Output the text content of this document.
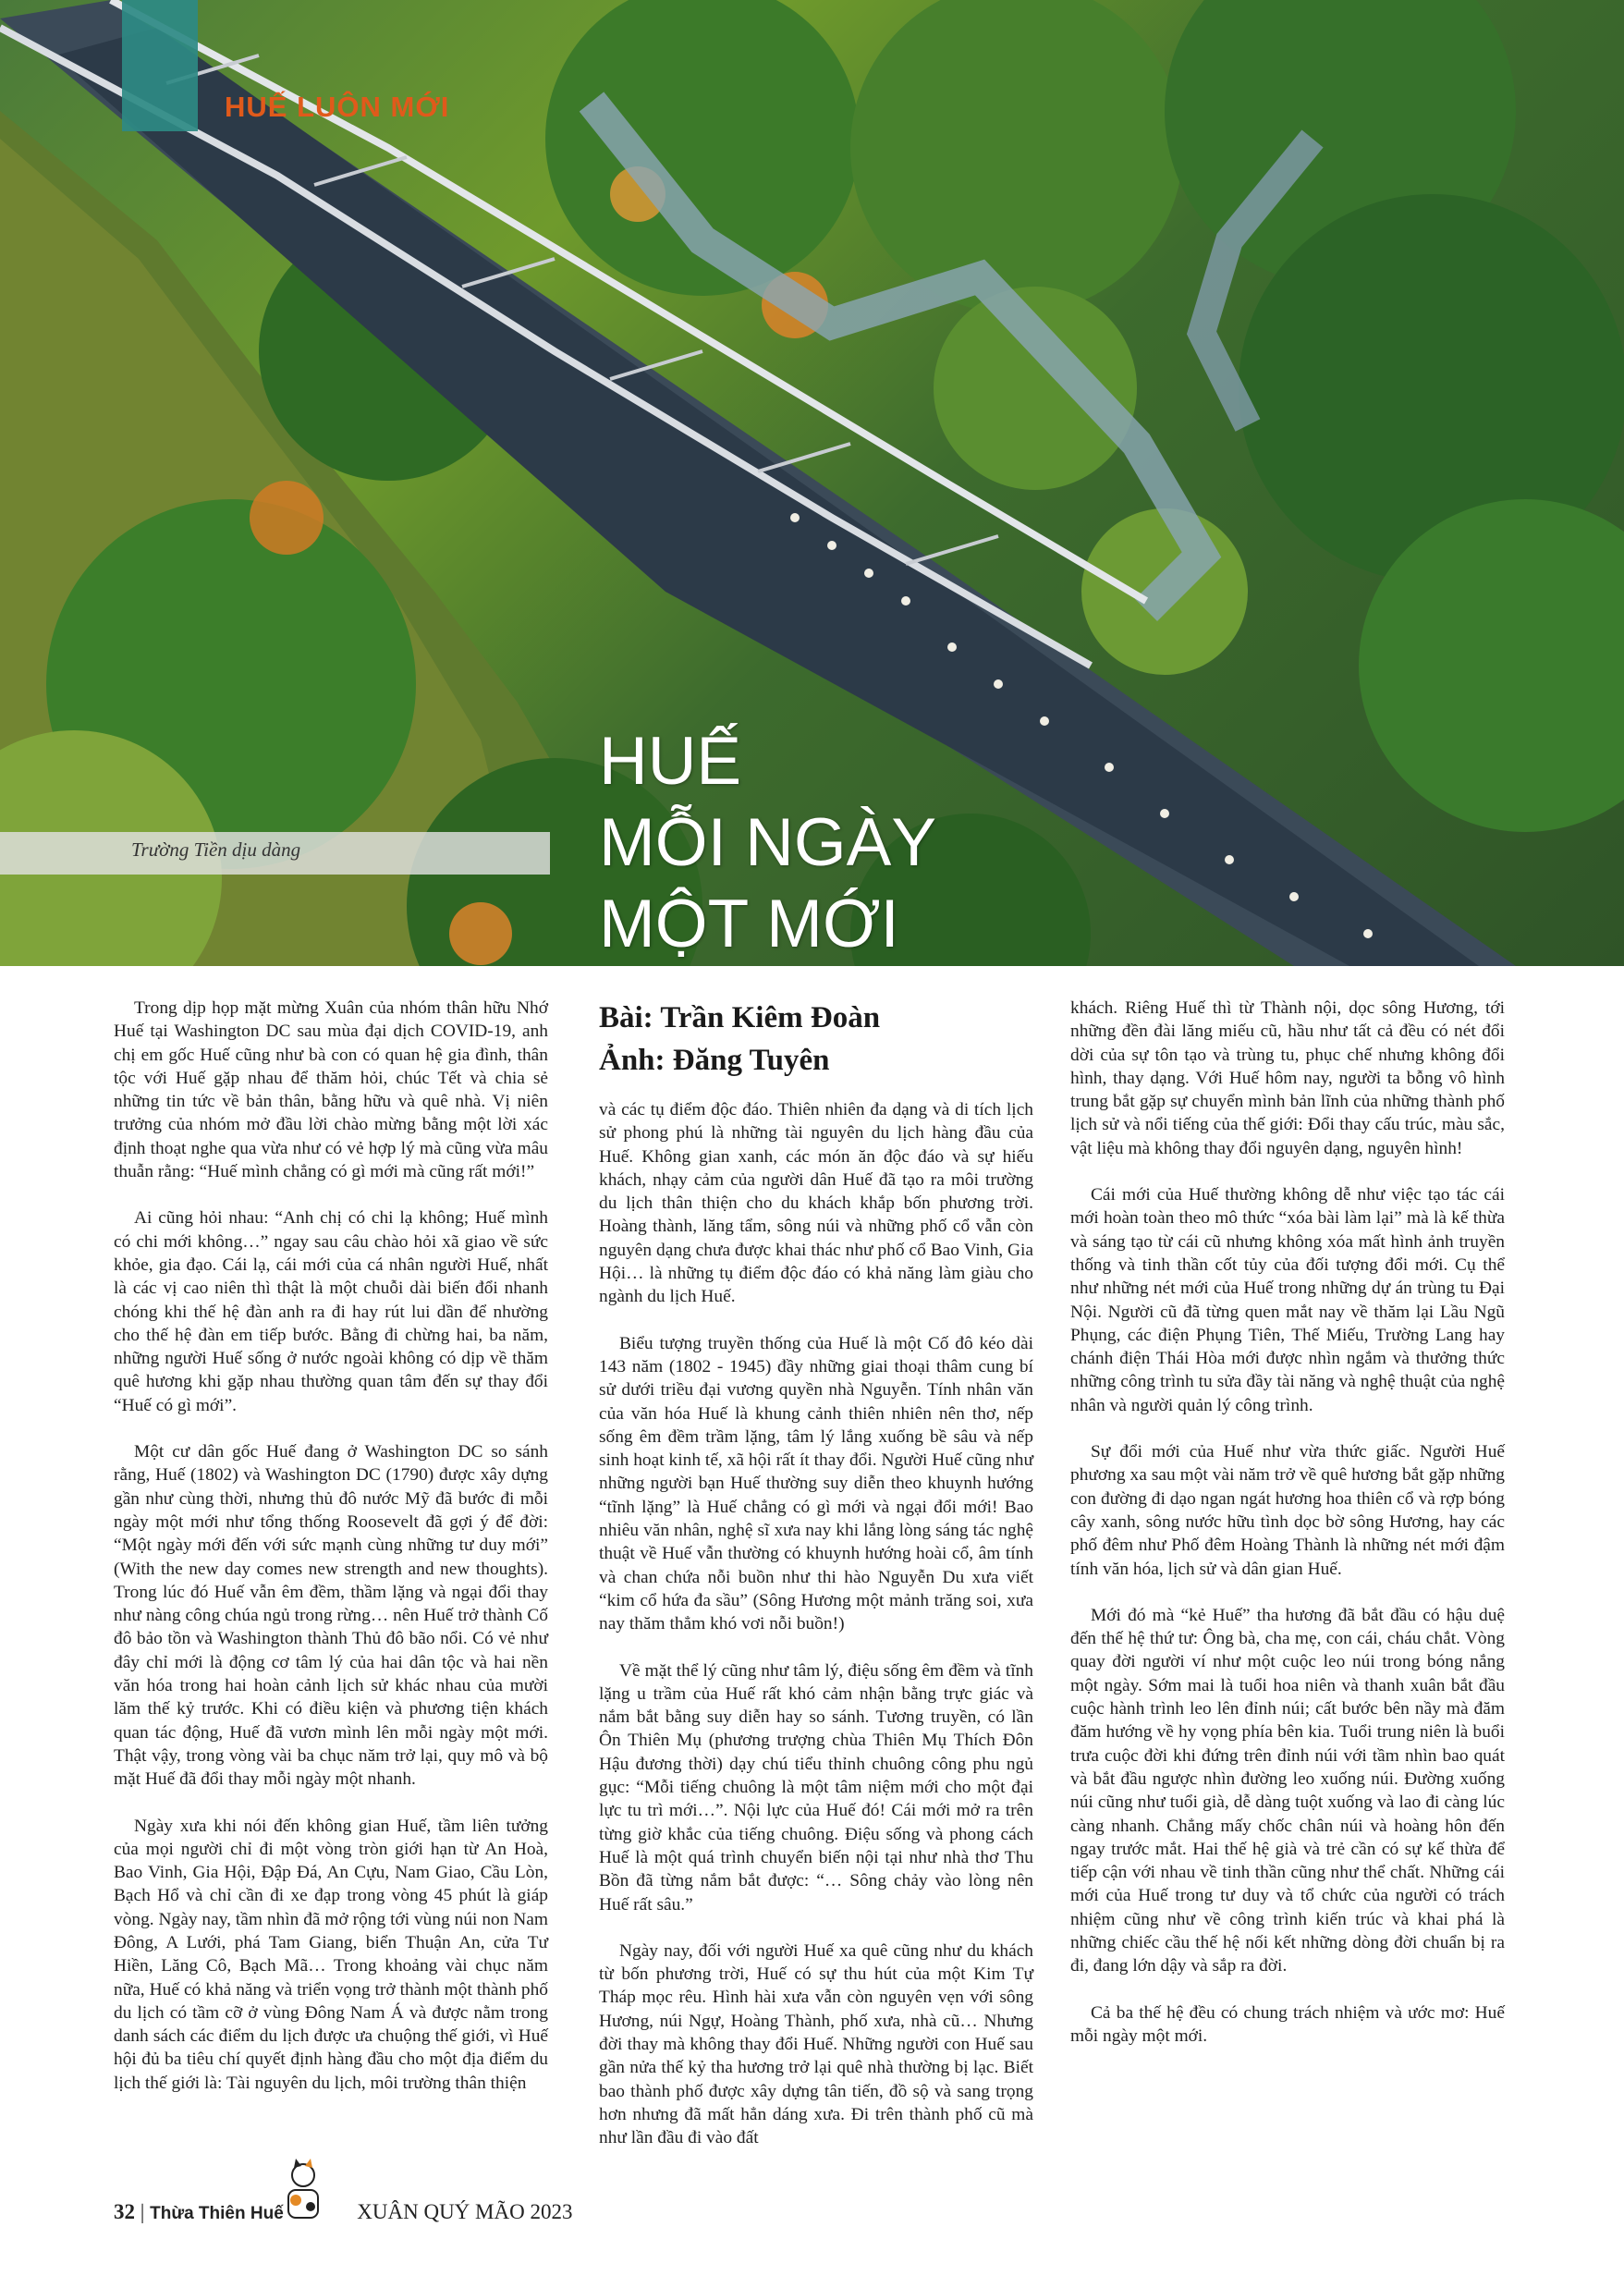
HUẾ LUÔN MỚI
Trường Tiền dịu dàng
HUẾ
MỖI NGÀY
MỘT MỚI

Trong dịp họp mặt mừng Xuân của nhóm thân hữu Nhớ Huế tại Washington DC sau mùa đại dịch COVID-19, anh chị em gốc Huế cũng như bà con có quan hệ gia đình, thân tộc với Huế gặp nhau để thăm hỏi, chúc Tết và chia sẻ những tin tức về bản thân, bằng hữu và quê nhà. Vị niên trưởng của nhóm mở đầu lời chào mừng bằng một lời xác định thoạt nghe qua vừa như có vẻ hợp lý mà cũng vừa mâu thuẫn rằng: “Huế mình chẳng có gì mới mà cũng rất mới!”

Ai cũng hỏi nhau: “Anh chị có chi lạ không; Huế mình có chi mới không…” ngay sau câu chào hỏi xã giao về sức khỏe, gia đạo. Cái lạ, cái mới của cá nhân người Huế, nhất là các vị cao niên thì thật là một chuỗi dài biến đổi nhanh chóng khi thế hệ đàn anh ra đi hay rút lui dần để nhường cho thế hệ đàn em tiếp bước. Bằng đi chừng hai, ba năm, những người Huế sống ở nước ngoài không có dịp về thăm quê hương khi gặp nhau thường quan tâm đến sự thay đổi “Huế có gì mới”.

Một cư dân gốc Huế đang ở Washington DC so sánh rằng, Huế (1802) và Washington DC (1790) được xây dựng gần như cùng thời, nhưng thủ đô nước Mỹ đã bước đi mỗi ngày một mới như tổng thống Roosevelt đã gợi ý để đời: “Một ngày mới đến với sức mạnh cùng những tư duy mới” (With the new day comes new strength and new thoughts). Trong lúc đó Huế vẫn êm đềm, thầm lặng và ngại đổi thay như nàng công chúa ngủ trong rừng… nên Huế trở thành Cố đô bảo tồn và Washington thành Thủ đô bão nổi. Có vẻ như đây chỉ mới là động cơ tâm lý của hai dân tộc và hai nền văn hóa trong hai hoàn cảnh lịch sử khác nhau của mười lăm thế kỷ trước. Khi có điều kiện và phương tiện khách quan tác động, Huế đã vươn mình lên mỗi ngày một mới. Thật vậy, trong vòng vài ba chục năm trở lại, quy mô và bộ mặt Huế đã đổi thay mỗi ngày một nhanh.

Ngày xưa khi nói đến không gian Huế, tầm liên tưởng của mọi người chỉ đi một vòng tròn giới hạn từ An Hoà, Bao Vinh, Gia Hội, Đập Đá, An Cựu, Nam Giao, Cầu Lòn, Bạch Hổ và chỉ cần đi xe đạp trong vòng 45 phút là giáp vòng. Ngày nay, tầm nhìn đã mở rộng tới vùng núi non Nam Đông, A Lưới, phá Tam Giang, biển Thuận An, cửa Tư Hiền, Lăng Cô, Bạch Mã… Trong khoảng vài chục năm nữa, Huế có khả năng và triển vọng trở thành một thành phố du lịch có tầm cỡ ở vùng Đông Nam Á và được nằm trong danh sách các điểm du lịch được ưa chuộng thế giới, vì Huế hội đủ ba tiêu chí quyết định hàng đầu cho một địa điểm du lịch thế giới là: Tài nguyên du lịch, môi trường thân thiện

Bài: Trần Kiêm Đoàn
Ảnh: Đăng Tuyên

và các tụ điểm độc đáo. Thiên nhiên đa dạng và di tích lịch sử phong phú là những tài nguyên du lịch hàng đầu của Huế. Không gian xanh, các món ăn độc đáo và sự hiếu khách, nhạy cảm của người dân Huế đã tạo ra môi trường du lịch thân thiện cho du khách khắp bốn phương trời. Hoàng thành, lăng tẩm, sông núi và những phố cổ vẫn còn nguyên dạng chưa được khai thác như phố cổ Bao Vinh, Gia Hội… là những tụ điểm độc đáo có khả năng làm giàu cho ngành du lịch Huế.

Biểu tượng truyền thống của Huế là một Cố đô kéo dài 143 năm (1802 - 1945) đầy những giai thoại thâm cung bí sử dưới triều đại vương quyền nhà Nguyễn. Tính nhân văn của văn hóa Huế là khung cảnh thiên nhiên nên thơ, nếp sống êm đềm trầm lặng, tâm lý lắng xuống bề sâu và nếp sinh hoạt kinh tế, xã hội rất ít thay đổi. Người Huế cũng như những người bạn Huế thường suy diễn theo khuynh hướng “tĩnh lặng” là Huế chẳng có gì mới và ngại đổi mới! Bao nhiêu văn nhân, nghệ sĩ xưa nay khi lắng lòng sáng tác nghệ thuật về Huế vẫn thường có khuynh hướng hoài cổ, âm tính và chan chứa nỗi buồn như thi hào Nguyễn Du xưa viết “kim cổ hứa đa sầu” (Sông Hương một mảnh trăng soi, xưa nay thăm thẳm khó vơi nỗi buồn!)

Về mặt thể lý cũng như tâm lý, điệu sống êm đềm và tĩnh lặng u trầm của Huế rất khó cảm nhận bằng trực giác và nắm bắt bằng suy diễn hay so sánh. Tương truyền, có lần Ôn Thiên Mụ (phương trượng chùa Thiên Mụ Thích Đôn Hậu đương thời) dạy chú tiểu thỉnh chuông công phu ngủ gục: “Mỗi tiếng chuông là một tâm niệm mới cho một đại lực tu trì mới…”. Nội lực của Huế đó! Cái mới mở ra trên từng giờ khắc của tiếng chuông. Điệu sống và phong cách Huế là một quá trình chuyển biến nội tại như nhà thơ Thu Bồn đã từng nắm bắt được: “… Sông chảy vào lòng nên Huế rất sâu.”

Ngày nay, đối với người Huế xa quê cũng như du khách từ bốn phương trời, Huế có sự thu hút của một Kim Tự Tháp mọc rêu. Hình hài xưa vẫn còn nguyên vẹn với sông Hương, núi Ngự, Hoàng Thành, phố xưa, nhà cũ… Nhưng đời thay mà không thay đổi Huế. Những người con Huế sau gần nửa thế kỷ tha hương trở lại quê nhà thường bị lạc. Biết bao thành phố được xây dựng tân tiến, đồ sộ và sang trọng hơn nhưng đã mất hẳn dáng xưa. Đi trên thành phố cũ mà như lần đầu đi vào đất

khách. Riêng Huế thì từ Thành nội, dọc sông Hương, tới những đền đài lăng miếu cũ, hầu như tất cả đều có nét đổi dời của sự tôn tạo và trùng tu, phục chế nhưng không đổi hình, thay dạng. Với Huế hôm nay, người ta bỗng vô hình trung bắt gặp sự chuyển mình bản lĩnh của những thành phố lịch sử và nổi tiếng của thế giới: Đổi thay cấu trúc, màu sắc, vật liệu mà không thay đổi nguyên dạng, nguyên hình!

Cái mới của Huế thường không dễ như việc tạo tác cái mới hoàn toàn theo mô thức “xóa bài làm lại” mà là kế thừa và sáng tạo từ cái cũ nhưng không xóa mất hình ảnh truyền thống và tinh thần cốt tủy của đối tượng đổi mới. Cụ thể như những nét mới của Huế trong những dự án trùng tu Đại Nội. Người cũ đã từng quen mắt nay về thăm lại Lầu Ngũ Phụng, các điện Phụng Tiên, Thế Miếu, Trường Lang hay chánh điện Thái Hòa mới được nhìn ngắm và thưởng thức những công trình tu sửa đầy tài năng và nghệ thuật của nghệ nhân và người quản lý công trình.

Sự đổi mới của Huế như vừa thức giấc. Người Huế phương xa sau một vài năm trở về quê hương bắt gặp những con đường đi dạo ngan ngát hương hoa thiên cổ và rợp bóng cây xanh, sông nước hữu tình dọc bờ sông Hương, hay các phố đêm như Phố đêm Hoàng Thành là những nét mới đậm tính văn hóa, lịch sử và dân gian Huế.

Mới đó mà “kẻ Huế” tha hương đã bắt đầu có hậu duệ đến thế hệ thứ tư: Ông bà, cha mẹ, con cái, cháu chắt. Vòng quay đời người ví như một cuộc leo núi trong bóng nắng một ngày. Sớm mai là tuổi hoa niên và thanh xuân bắt đầu cuộc hành trình leo lên đỉnh núi; cất bước bên nầy mà đăm đăm hướng về hy vọng phía bên kia. Tuổi trung niên là buổi trưa cuộc đời khi đứng trên đỉnh núi với tầm nhìn bao quát và bắt đầu ngược nhìn đường leo xuống núi. Đường xuống núi cũng như tuổi già, dễ dàng tuột xuống và lao đi càng lúc càng nhanh. Chẳng mấy chốc chân núi và hoàng hôn đến ngay trước mắt. Hai thế hệ già và trẻ cần có sự kế thừa để tiếp cận với nhau về tinh thần cũng như thể chất. Những cái mới của Huế trong tư duy và tổ chức của người có trách nhiệm cũng như về công trình kiến trúc và khai phá là những chiếc cầu thế hệ nối kết những dòng đời chuẩn bị ra đi, đang lớn dậy và sắp ra đời.

Cả ba thế hệ đều có chung trách nhiệm và ước mơ: Huế mỗi ngày một mới.

32 | Thừa Thiên Huế	XUÂN QUÝ MÃO 2023
